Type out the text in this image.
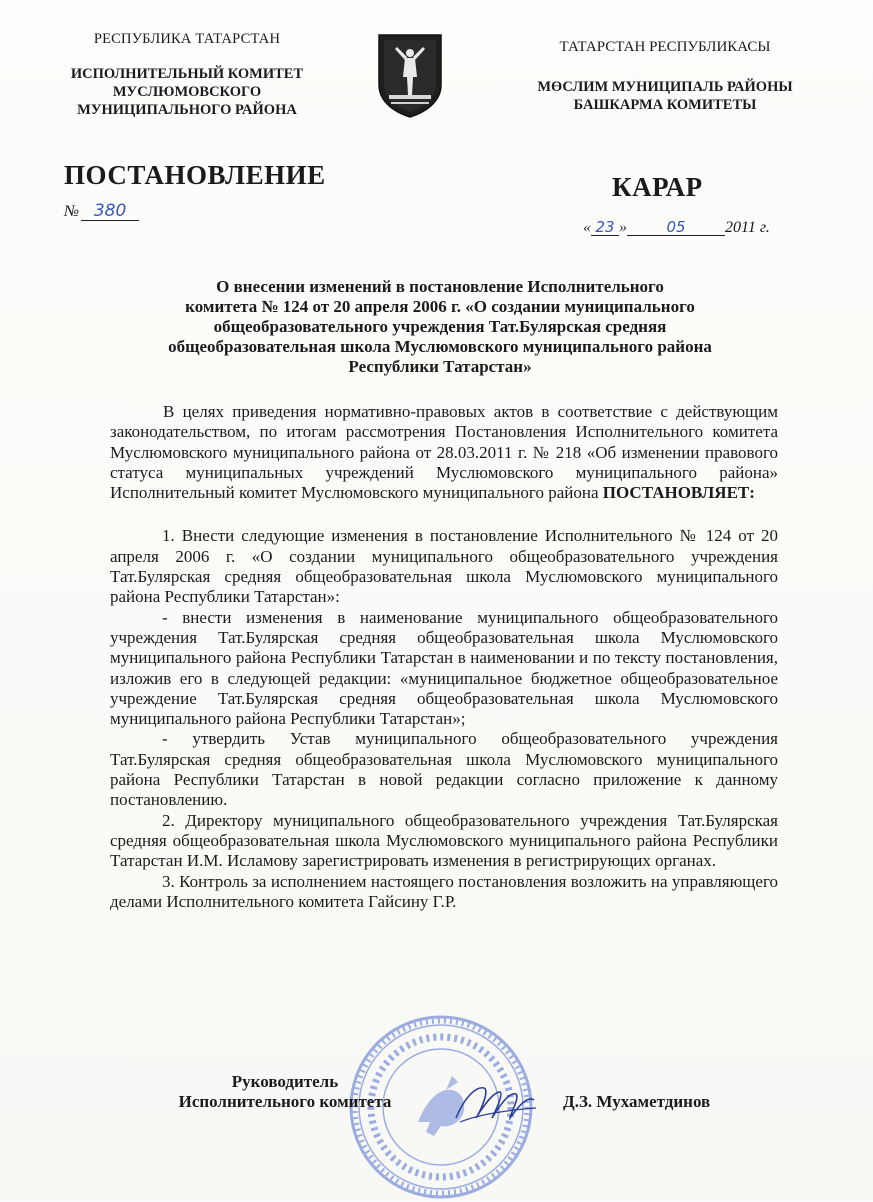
РЕСПУБЛИКА ТАТАРСТАН
ИСПОЛНИТЕЛЬНЫЙ КОМИТЕТ
МУСЛЮМОВСКОГО
МУНИЦИПАЛЬНОГО РАЙОНА
ТАТАРСТАН РЕСПУБЛИКАСЫ
МӨСЛИМ МУНИЦИПАЛЬ РАЙОНЫ
БАШКАРМА КОМИТЕТЫ
ПОСТАНОВЛЕНИЕ	КАРАР
№ 380
« 23 »	05 2011 г.
О внесении изменений в постановление Исполнительного
комитета № 124 от 20 апреля 2006 г. «О создании муниципального
общеобразовательного учреждения Тат.Булярская средняя
общеобразовательная школа Муслюмовского муниципального района
Республики Татарстан»

В целях приведения нормативно-правовых актов в соответствие с действующим законодательством, по итогам рассмотрения Постановления Исполнительного комитета Муслюмовского муниципального района от 28.03.2011 г. № 218 «Об изменении правового статуса муниципальных учреждений Муслюмовского муниципального района» Исполнительный комитет Муслюмовского муниципального района ПОСТАНОВЛЯЕТ:

1. Внести следующие изменения в постановление Исполнительного № 124 от 20 апреля 2006 г. «О создании муниципального общеобразовательного учреждения Тат.Булярская средняя общеобразовательная школа Муслюмовского муниципального района Республики Татарстан»:

- внести изменения в наименование муниципального общеобразовательного учреждения Тат.Булярская средняя общеобразовательная школа Муслюмовского муниципального района Республики Татарстан в наименовании и по тексту постановления, изложив его в следующей редакции: «муниципальное бюджетное общеобразовательное учреждение Тат.Булярская средняя общеобразовательная школа Муслюмовского муниципального района Республики Татарстан»;

- утвердить Устав муниципального общеобразовательного учреждения Тат.Булярская средняя общеобразовательная школа Муслюмовского муниципального района Республики Татарстан в новой редакции согласно приложение к данному постановлению.

2. Директору муниципального общеобразовательного учреждения Тат.Булярская средняя общеобразовательная школа Муслюмовского муниципального района Республики Татарстан И.М. Исламову зарегистрировать изменения в регистрирующих органах.

3. Контроль за исполнением настоящего постановления возложить на управляющего делами Исполнительного комитета Гайсину Г.Р.

Руководитель
Исполнительного комитета	Д.З. Мухаметдинов
